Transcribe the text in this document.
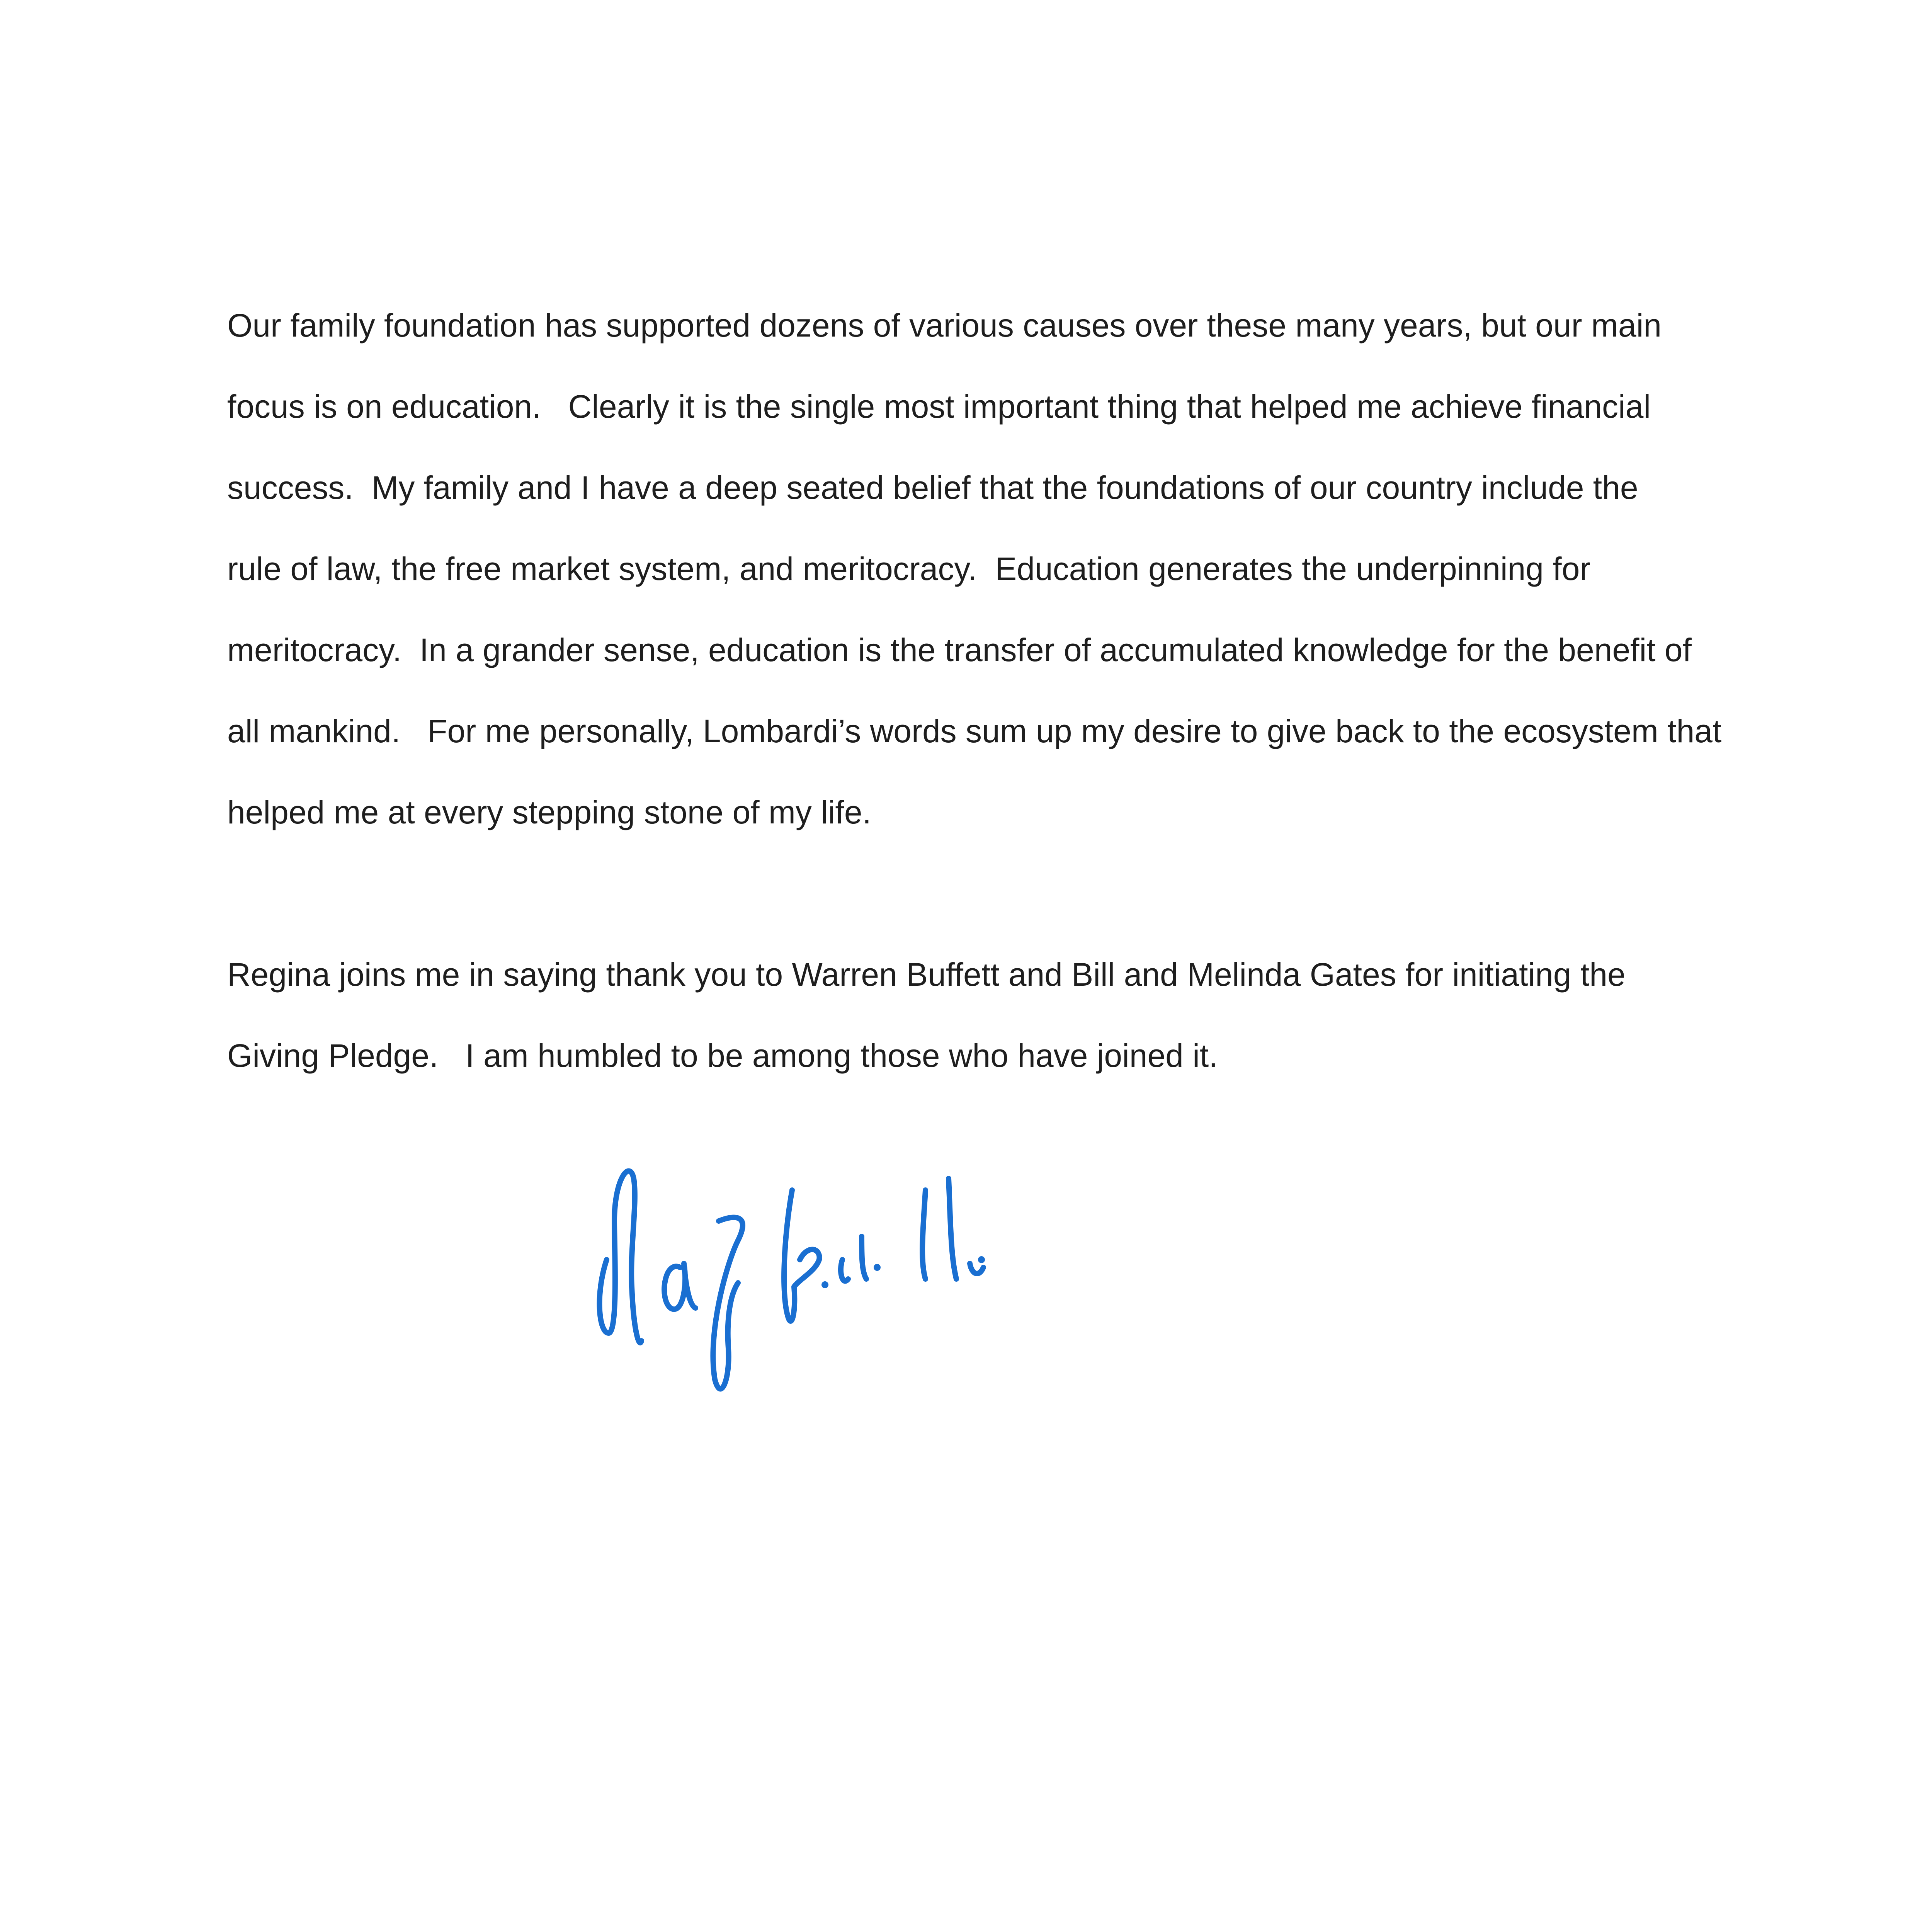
Our family foundation has supported dozens of various causes over these many years, but our main

focus is on education.   Clearly it is the single most important thing that helped me achieve financial

success.  My family and I have a deep seated belief that the foundations of our country include the

rule of law, the free market system, and meritocracy.  Education generates the underpinning for

meritocracy.  In a grander sense, education is the transfer of accumulated knowledge for the benefit of

all mankind.   For me personally, Lombardi’s words sum up my desire to give back to the ecosystem that

helped me at every stepping stone of my life.

Regina joins me in saying thank you to Warren Buffett and Bill and Melinda Gates for initiating the

Giving Pledge.   I am humbled to be among those who have joined it.
